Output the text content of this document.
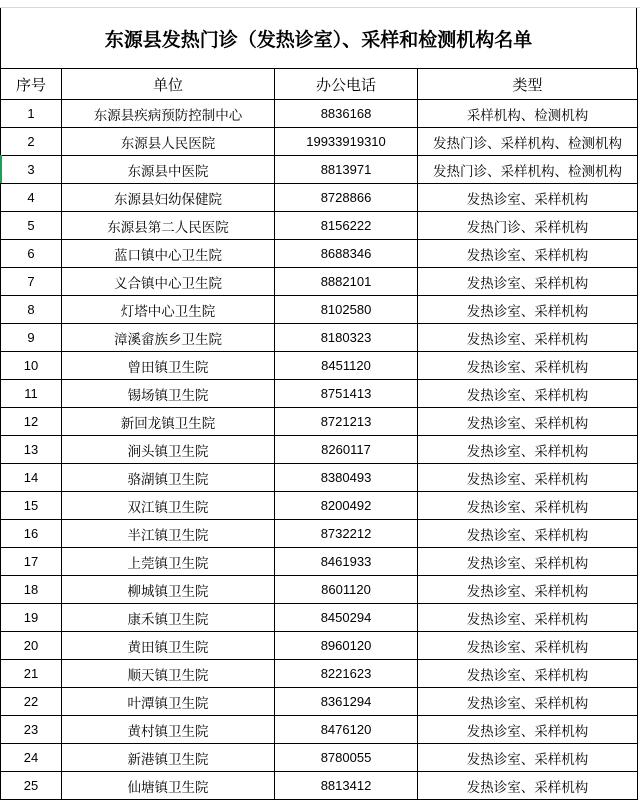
东源县发热门诊（发热诊室）、采样和检测机构名单
序号	单位	办公电话	类型
1	东源县疾病预防控制中心	8836168	采样机构、检测机构
2	东源县人民医院	19933919310	发热门诊、采样机构、检测机构
3	东源县中医院	8813971	发热门诊、采样机构、检测机构
4	东源县妇幼保健院	8728866	发热诊室、采样机构
5	东源县第二人民医院	8156222	发热门诊、采样机构
6	蓝口镇中心卫生院	8688346	发热诊室、采样机构
7	义合镇中心卫生院	8882101	发热诊室、采样机构
8	灯塔中心卫生院	8102580	发热诊室、采样机构
9	漳溪畲族乡卫生院	8180323	发热诊室、采样机构
10	曾田镇卫生院	8451120	发热诊室、采样机构
11	锡场镇卫生院	8751413	发热诊室、采样机构
12	新回龙镇卫生院	8721213	发热诊室、采样机构
13	涧头镇卫生院	8260117	发热诊室、采样机构
14	骆湖镇卫生院	8380493	发热诊室、采样机构
15	双江镇卫生院	8200492	发热诊室、采样机构
16	半江镇卫生院	8732212	发热诊室、采样机构
17	上莞镇卫生院	8461933	发热诊室、采样机构
18	柳城镇卫生院	8601120	发热诊室、采样机构
19	康禾镇卫生院	8450294	发热诊室、采样机构
20	黄田镇卫生院	8960120	发热诊室、采样机构
21	顺天镇卫生院	8221623	发热诊室、采样机构
22	叶潭镇卫生院	8361294	发热诊室、采样机构
23	黄村镇卫生院	8476120	发热诊室、采样机构
24	新港镇卫生院	8780055	发热诊室、采样机构
25	仙塘镇卫生院	8813412	发热诊室、采样机构
